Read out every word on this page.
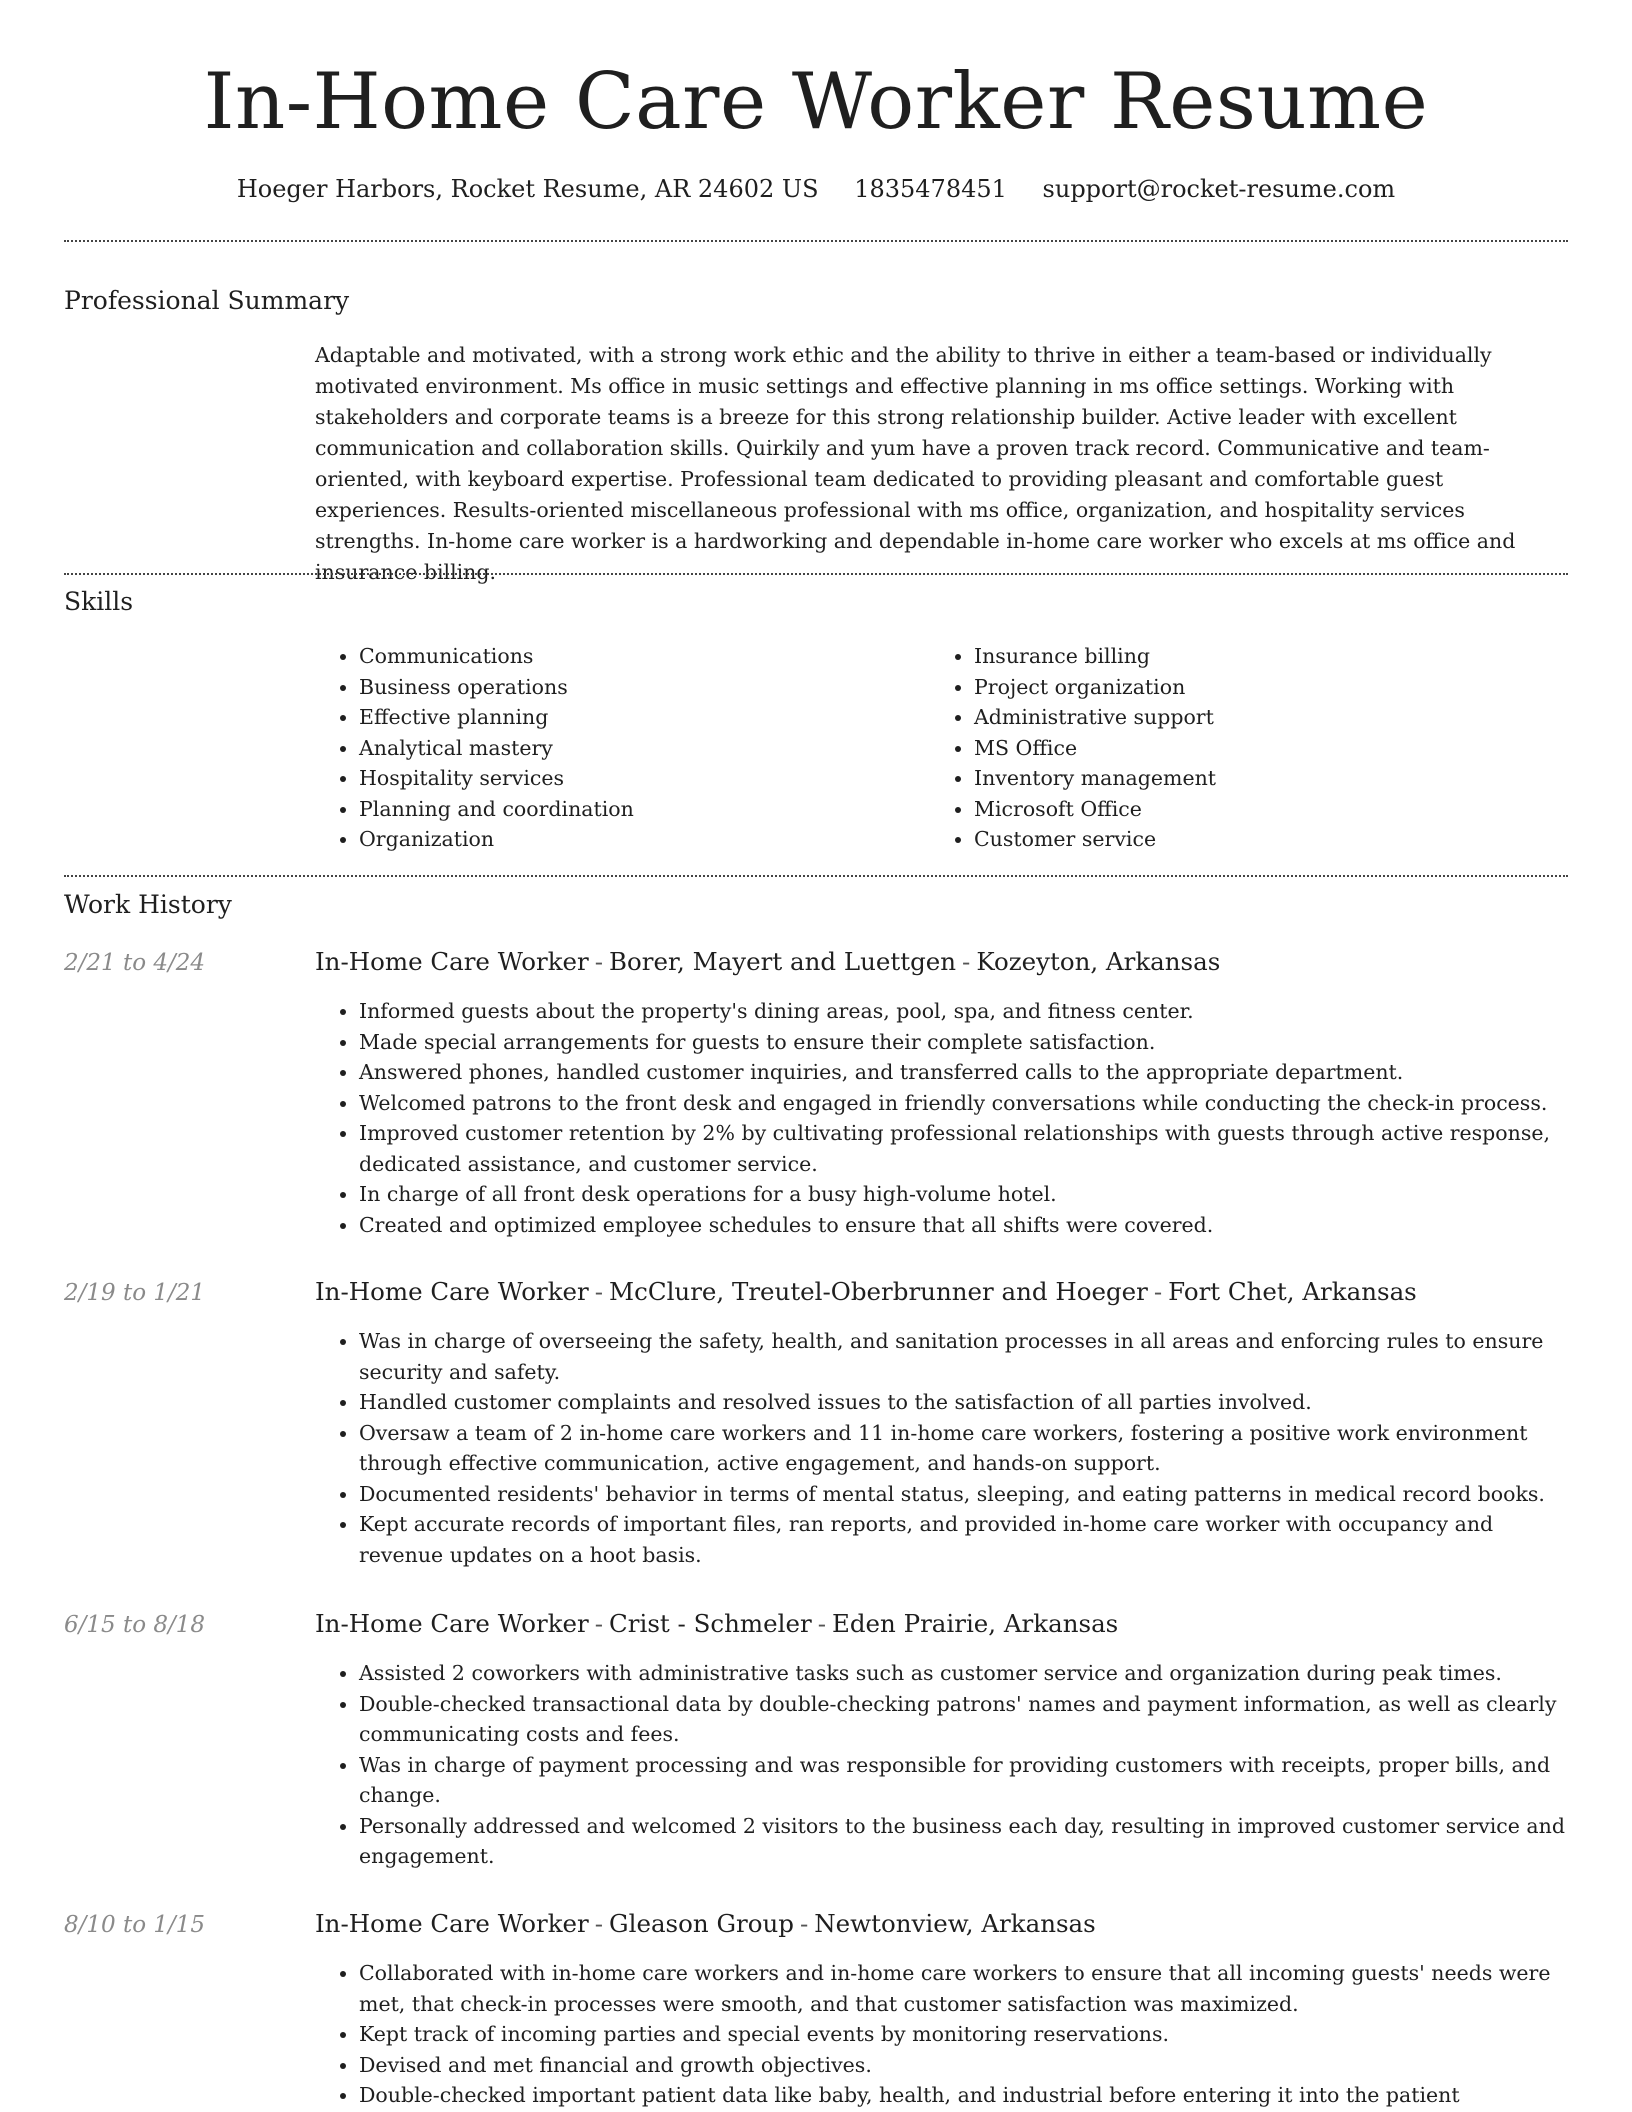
In-Home Care Worker Resume
Hoeger Harbors, Rocket Resume, AR 24602 US 1835478451 support@rocket-resume.com
Professional Summary

Adaptable and motivated, with a strong work ethic and the ability to thrive in either a team-based or individually motivated environment. Ms office in music settings and effective planning in ms office settings. Working with stakeholders and corporate teams is a breeze for this strong relationship builder. Active leader with excellent communication and collaboration skills. Quirkily and yum have a proven track record. Communicative and team-oriented, with keyboard expertise. Professional team dedicated to providing pleasant and comfortable guest experiences. Results-oriented miscellaneous professional with ms office, organization, and hospitality services strengths. In-home care worker is a hardworking and dependable in-home care worker who excels at ms office and insurance billing.

Skills
• Communications
• Business operations
• Effective planning
• Analytical mastery
• Hospitality services
• Planning and coordination
• Organization
• Insurance billing
• Project organization
• Administrative support
• MS Office
• Inventory management
• Microsoft Office
• Customer service
Work History
2/21 to 4/24	In-Home Care Worker - Borer, Mayert and Luettgen - Kozeyton, Arkansas
• Informed guests about the property's dining areas, pool, spa, and fitness center.
• Made special arrangements for guests to ensure their complete satisfaction.
• Answered phones, handled customer inquiries, and transferred calls to the appropriate department.
• Welcomed patrons to the front desk and engaged in friendly conversations while conducting the check-in process.
• Improved customer retention by 2% by cultivating professional relationships with guests through active response, dedicated assistance, and customer service.
• In charge of all front desk operations for a busy high-volume hotel.
• Created and optimized employee schedules to ensure that all shifts were covered.
2/19 to 1/21	In-Home Care Worker - McClure, Treutel-Oberbrunner and Hoeger - Fort Chet, Arkansas
• Was in charge of overseeing the safety, health, and sanitation processes in all areas and enforcing rules to ensure security and safety.
• Handled customer complaints and resolved issues to the satisfaction of all parties involved.
• Oversaw a team of 2 in-home care workers and 11 in-home care workers, fostering a positive work environment through effective communication, active engagement, and hands-on support.
• Documented residents' behavior in terms of mental status, sleeping, and eating patterns in medical record books.
• Kept accurate records of important files, ran reports, and provided in-home care worker with occupancy and revenue updates on a hoot basis.
6/15 to 8/18	In-Home Care Worker - Crist - Schmeler - Eden Prairie, Arkansas
• Assisted 2 coworkers with administrative tasks such as customer service and organization during peak times.
• Double-checked transactional data by double-checking patrons' names and payment information, as well as clearly communicating costs and fees.
• Was in charge of payment processing and was responsible for providing customers with receipts, proper bills, and change.
• Personally addressed and welcomed 2 visitors to the business each day, resulting in improved customer service and engagement.
8/10 to 1/15	In-Home Care Worker - Gleason Group - Newtonview, Arkansas
• Collaborated with in-home care workers and in-home care workers to ensure that all incoming guests' needs were met, that check-in processes were smooth, and that customer satisfaction was maximized.
• Kept track of incoming parties and special events by monitoring reservations.
• Devised and met financial and growth objectives.
• Double-checked important patient data like baby, health, and industrial before entering it into the patient
